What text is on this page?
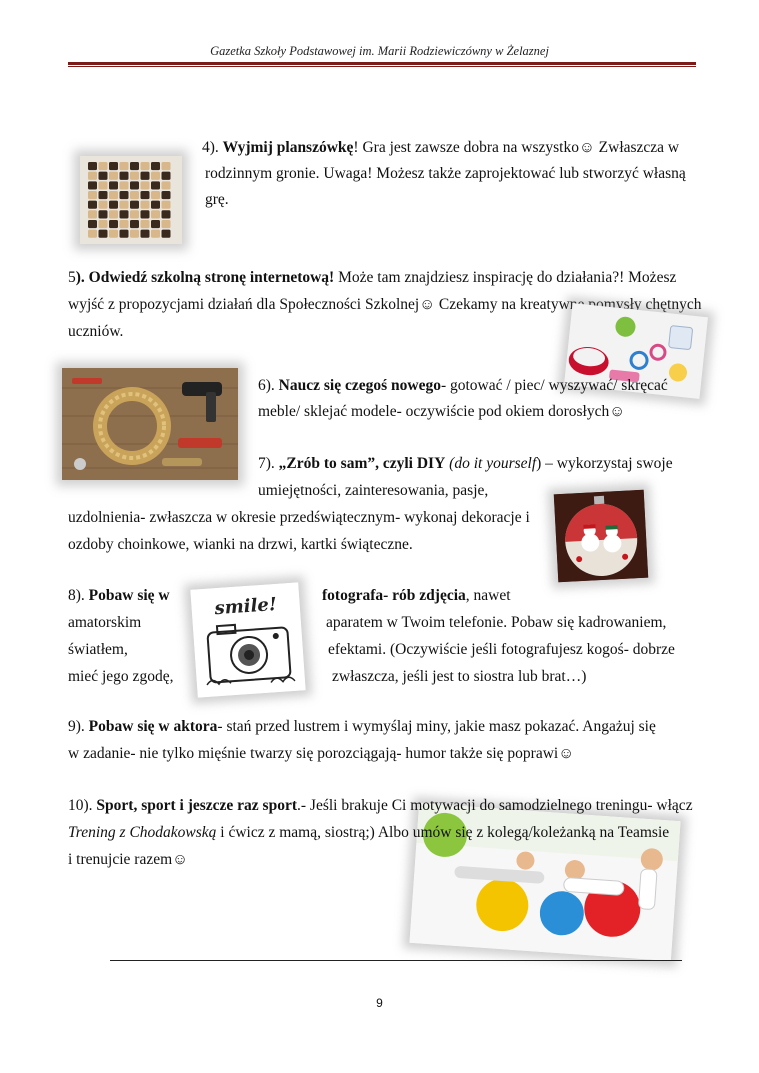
Gazetka Szkoły Podstawowej im. Marii Rodziewiczówny w Żelaznej
4). Wyjmij planszówkę! Gra jest zawsze dobra na wszystko☺ Zwłaszcza w
rodzinnym gronie. Uwaga! Możesz także zaprojektować lub stworzyć własną
grę.
5). Odwiedź szkolną stronę internetową! Może tam znajdziesz inspirację do działania?! Możesz
wyjść z propozycjami działań dla Społeczności Szkolnej☺ Czekamy na kreatywne pomysły chętnych
uczniów.
6). Naucz się czegoś nowego- gotować / piec/ wyszywać/ skręcać
meble/ sklejać modele- oczywiście pod okiem dorosłych☺
7). „Zrób to sam”, czyli DIY (do it yourself) – wykorzystaj swoje
umiejętności, zainteresowania, pasje,
uzdolnienia- zwłaszcza w okresie przedświątecznym- wykonaj dekoracje i
ozdoby choinkowe, wianki na drzwi, kartki świąteczne.
8). Pobaw się w
amatorskim
światłem,
mieć jego zgodę,
smile!	fotografa- rób zdjęcia, nawet
aparatem w Twoim telefonie. Pobaw się kadrowaniem,
efektami. (Oczywiście jeśli fotografujesz kogoś- dobrze
zwłaszcza, jeśli jest to siostra lub brat…)
9). Pobaw się w aktora- stań przed lustrem i wymyślaj miny, jakie masz pokazać. Angażuj się
w zadanie- nie tylko mięśnie twarzy się porozciągają- humor także się poprawi☺
10). Sport, sport i jeszcze raz sport.- Jeśli brakuje Ci motywacji do samodzielnego treningu- włącz
Trening z Chodakowską i ćwicz z mamą, siostrą;) Albo umów się z kolegą/koleżanką na Teamsie
i trenujcie razem☺
9
